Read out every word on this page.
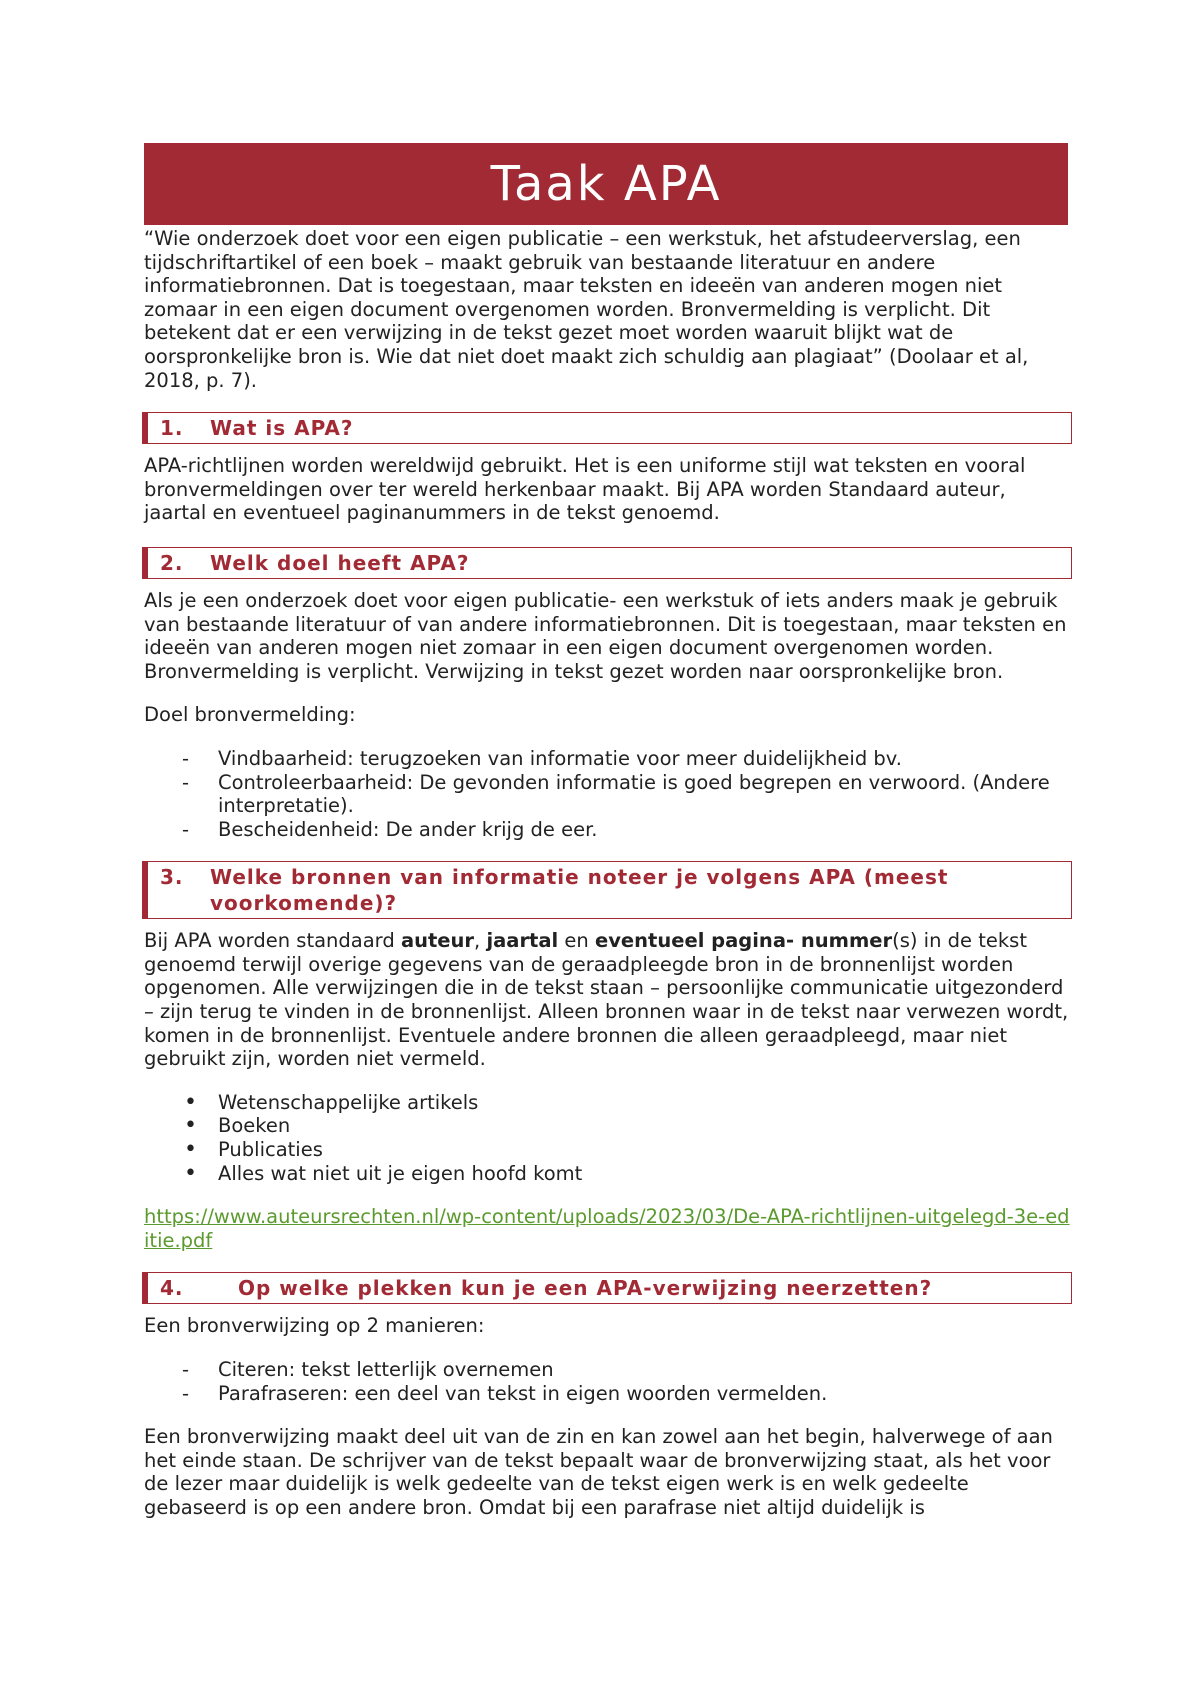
Taak APA

“Wie onderzoek doet voor een eigen publicatie – een werkstuk, het afstudeerverslag, een tijdschriftartikel of een boek – maakt gebruik van bestaande literatuur en andere informatiebronnen. Dat is toegestaan, maar teksten en ideeën van anderen mogen niet zomaar in een eigen document overgenomen worden. Bronvermelding is verplicht. Dit betekent dat er een verwijzing in de tekst gezet moet worden waaruit blijkt wat de oorspronkelijke bron is. Wie dat niet doet maakt zich schuldig aan plagiaat” (Doolaar et al, 2018, p. 7).

1.	Wat is APA?

APA-richtlijnen worden wereldwijd gebruikt. Het is een uniforme stijl wat teksten en vooral bronvermeldingen over ter wereld herkenbaar maakt. Bij APA worden Standaard auteur, jaartal en eventueel paginanummers in de tekst genoemd.

2.	Welk doel heeft APA?

Als je een onderzoek doet voor eigen publicatie- een werkstuk of iets anders maak je gebruik van bestaande literatuur of van andere informatiebronnen. Dit is toegestaan, maar teksten en ideeën van anderen mogen niet zomaar in een eigen document overgenomen worden. Bronvermelding is verplicht. Verwijzing in tekst gezet worden naar oorspronkelijke bron.

Doel bronvermelding:

- Vindbaarheid: terugzoeken van informatie voor meer duidelijkheid bv.
- Controleerbaarheid: De gevonden informatie is goed begrepen en verwoord. (Andere interpretatie).
- Bescheidenheid: De ander krijg de eer.
3.	Welke bronnen van informatie noteer je volgens APA (meest voorkomende)?

Bij APA worden standaard auteur, jaartal en eventueel pagina- nummer(s) in de tekst genoemd terwijl overige gegevens van de geraadpleegde bron in de bronnenlijst worden opgenomen. Alle verwijzingen die in de tekst staan – persoonlijke communicatie uitgezonderd – zijn terug te vinden in de bronnenlijst. Alleen bronnen waar in de tekst naar verwezen wordt, komen in de bronnenlijst. Eventuele andere bronnen die alleen geraadpleegd, maar niet gebruikt zijn, worden niet vermeld.

• Wetenschappelijke artikels
• Boeken
• Publicaties
• Alles wat niet uit je eigen hoofd komt

https://www.auteursrechten.nl/wp-content/uploads/2023/03/De-APA-richtlijnen-uitgelegd-3e-editie.pdf

4.	Op welke plekken kun je een APA-verwijzing neerzetten?

Een bronverwijzing op 2 manieren:

- Citeren: tekst letterlijk overnemen
- Parafraseren: een deel van tekst in eigen woorden vermelden.

Een bronverwijzing maakt deel uit van de zin en kan zowel aan het begin, halverwege of aan het einde staan. De schrijver van de tekst bepaalt waar de bronverwijzing staat, als het voor de lezer maar duidelijk is welk gedeelte van de tekst eigen werk is en welk gedeelte gebaseerd is op een andere bron. Omdat bij een parafrase niet altijd duidelijk is
